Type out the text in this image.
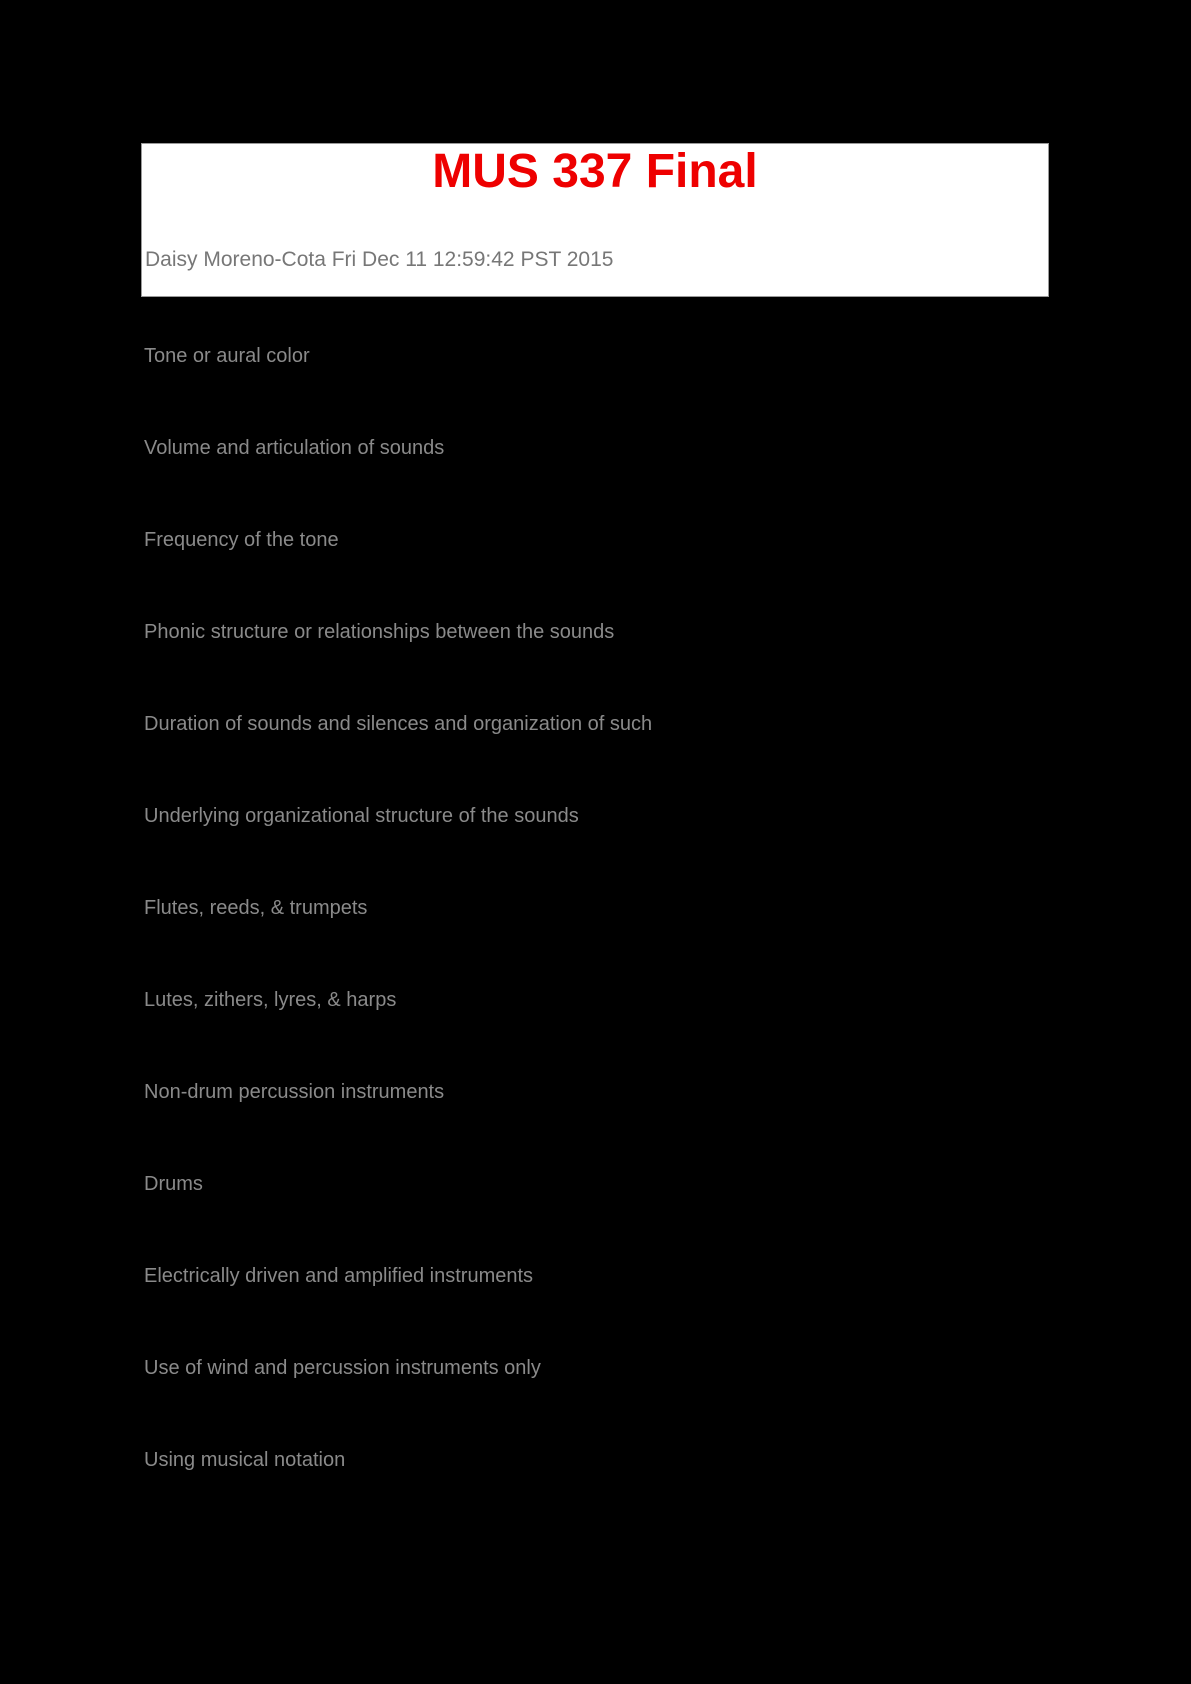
MUS 337 Final
Daisy Moreno-Cota Fri Dec 11 12:59:42 PST 2015
Tone or aural color
Volume and articulation of sounds
Frequency of the tone
Phonic structure or relationships between the sounds
Duration of sounds and silences and organization of such
Underlying organizational structure of the sounds
Flutes, reeds, & trumpets
Lutes, zithers, lyres, & harps
Non-drum percussion instruments
Drums
Electrically driven and amplified instruments
Use of wind and percussion instruments only
Using musical notation
